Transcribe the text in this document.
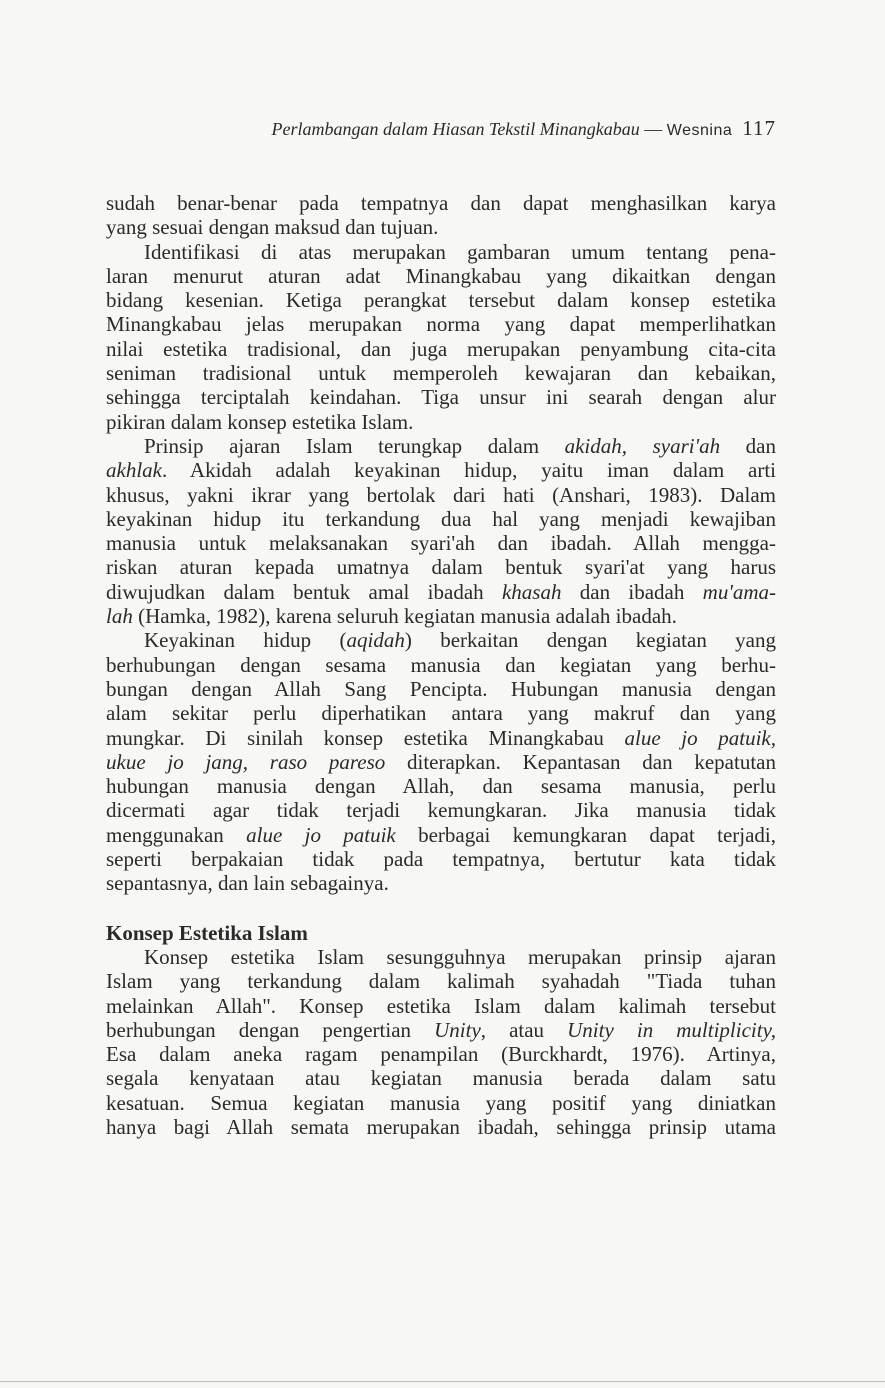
Perlambangan dalam Hiasan Tekstil Minangkabau — Wesnina 117

sudah benar-benar pada tempatnya dan dapat menghasilkan karya
yang sesuai dengan maksud dan tujuan.

Identifikasi di atas merupakan gambaran umum tentang pena-
laran menurut aturan adat Minangkabau yang dikaitkan dengan
bidang kesenian. Ketiga perangkat tersebut dalam konsep estetika
Minangkabau jelas merupakan norma yang dapat memperlihatkan
nilai estetika tradisional, dan juga merupakan penyambung cita-cita
seniman tradisional untuk memperoleh kewajaran dan kebaikan,
sehingga terciptalah keindahan. Tiga unsur ini searah dengan alur
pikiran dalam konsep estetika Islam.

Prinsip ajaran Islam terungkap dalam akidah, syari'ah dan
akhlak. Akidah adalah keyakinan hidup, yaitu iman dalam arti
khusus, yakni ikrar yang bertolak dari hati (Anshari, 1983). Dalam
keyakinan hidup itu terkandung dua hal yang menjadi kewajiban
manusia untuk melaksanakan syari'ah dan ibadah. Allah mengga-
riskan aturan kepada umatnya dalam bentuk syari'at yang harus
diwujudkan dalam bentuk amal ibadah khasah dan ibadah mu'ama-
lah (Hamka, 1982), karena seluruh kegiatan manusia adalah ibadah.

Keyakinan hidup (aqidah) berkaitan dengan kegiatan yang
berhubungan dengan sesama manusia dan kegiatan yang berhu-
bungan dengan Allah Sang Pencipta. Hubungan manusia dengan
alam sekitar perlu diperhatikan antara yang makruf dan yang
mungkar. Di sinilah konsep estetika Minangkabau alue jo patuik,
ukue jo jang, raso pareso diterapkan. Kepantasan dan kepatutan
hubungan manusia dengan Allah, dan sesama manusia, perlu
dicermati agar tidak terjadi kemungkaran. Jika manusia tidak
menggunakan alue jo patuik berbagai kemungkaran dapat terjadi,
seperti berpakaian tidak pada tempatnya, bertutur kata tidak
sepantasnya, dan lain sebagainya.

Konsep Estetika Islam

Konsep estetika Islam sesungguhnya merupakan prinsip ajaran
Islam yang terkandung dalam kalimah syahadah "Tiada tuhan
melainkan Allah". Konsep estetika Islam dalam kalimah tersebut
berhubungan dengan pengertian Unity, atau Unity in multiplicity,
Esa dalam aneka ragam penampilan (Burckhardt, 1976). Artinya,
segala kenyataan atau kegiatan manusia berada dalam satu
kesatuan. Semua kegiatan manusia yang positif yang diniatkan
hanya bagi Allah semata merupakan ibadah, sehingga prinsip utama
